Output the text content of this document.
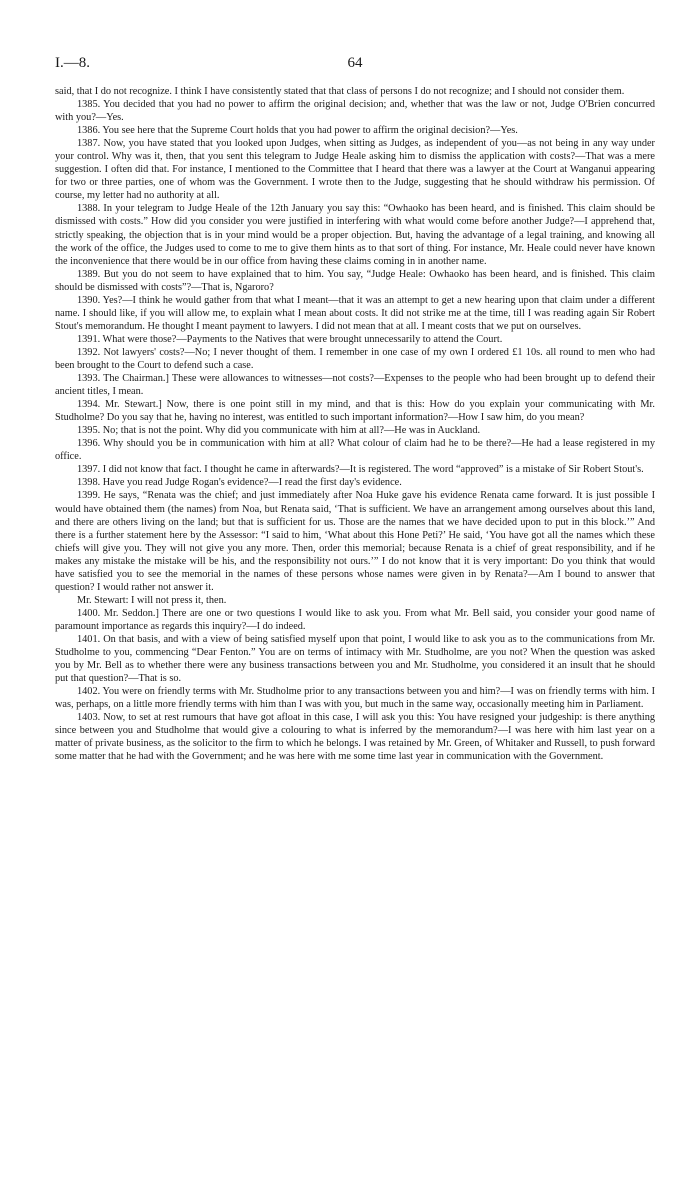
I.—8.	64

said, that I do not recognize. I think I have consistently stated that that class of persons I do not recognize; and I should not consider them.

1385. You decided that you had no power to affirm the original decision; and, whether that was the law or not, Judge O'Brien concurred with you?—Yes.

1386. You see here that the Supreme Court holds that you had power to affirm the original decision?—Yes.

1387. Now, you have stated that you looked upon Judges, when sitting as Judges, as independent of you—as not being in any way under your control. Why was it, then, that you sent this telegram to Judge Heale asking him to dismiss the application with costs?—That was a mere suggestion. I often did that. For instance, I mentioned to the Committee that I heard that there was a lawyer at the Court at Wanganui appearing for two or three parties, one of whom was the Government. I wrote then to the Judge, suggesting that he should withdraw his permission. Of course, my letter had no authority at all.

1388. In your telegram to Judge Heale of the 12th January you say this: “Owhaoko has been heard, and is finished. This claim should be dismissed with costs.” How did you consider you were justified in interfering with what would come before another Judge?—I apprehend that, strictly speaking, the objection that is in your mind would be a proper objection. But, having the advantage of a legal training, and knowing all the work of the office, the Judges used to come to me to give them hints as to that sort of thing. For instance, Mr. Heale could never have known the inconvenience that there would be in our office from having these claims coming in in another name.

1389. But you do not seem to have explained that to him. You say, “Judge Heale: Owhaoko has been heard, and is finished. This claim should be dismissed with costs”?—That is, Ngaroro?

1390. Yes?—I think he would gather from that what I meant—that it was an attempt to get a new hearing upon that claim under a different name. I should like, if you will allow me, to explain what I mean about costs. It did not strike me at the time, till I was reading again Sir Robert Stout's memorandum. He thought I meant payment to lawyers. I did not mean that at all. I meant costs that we put on ourselves.

1391. What were those?—Payments to the Natives that were brought unnecessarily to attend the Court.

1392. Not lawyers' costs?—No; I never thought of them. I remember in one case of my own I ordered £1 10s. all round to men who had been brought to the Court to defend such a case.

1393. The Chairman.] These were allowances to witnesses—not costs?—Expenses to the people who had been brought up to defend their ancient titles, I mean.

1394. Mr. Stewart.] Now, there is one point still in my mind, and that is this: How do you explain your communicating with Mr. Studholme? Do you say that he, having no interest, was entitled to such important information?—How I saw him, do you mean?

1395. No; that is not the point. Why did you communicate with him at all?—He was in Auckland.

1396. Why should you be in communication with him at all? What colour of claim had he to be there?—He had a lease registered in my office.

1397. I did not know that fact. I thought he came in afterwards?—It is registered. The word “approved” is a mistake of Sir Robert Stout's.

1398. Have you read Judge Rogan's evidence?—I read the first day's evidence.

1399. He says, “Renata was the chief; and just immediately after Noa Huke gave his evidence Renata came forward. It is just possible I would have obtained them (the names) from Noa, but Renata said, ‘That is sufficient. We have an arrangement among ourselves about this land, and there are others living on the land; but that is sufficient for us. Those are the names that we have decided upon to put in this block.’” And there is a further statement here by the Assessor: “I said to him, ‘What about this Hone Peti?’ He said, ‘You have got all the names which these chiefs will give you. They will not give you any more. Then, order this memorial; because Renata is a chief of great responsibility, and if he makes any mistake the mistake will be his, and the responsibility not ours.’” I do not know that it is very important: Do you think that would have satisfied you to see the memorial in the names of these persons whose names were given in by Renata?—Am I bound to answer that question? I would rather not answer it.

Mr. Stewart: I will not press it, then.

1400. Mr. Seddon.] There are one or two questions I would like to ask you. From what Mr. Bell said, you consider your good name of paramount importance as regards this inquiry?—I do indeed.

1401. On that basis, and with a view of being satisfied myself upon that point, I would like to ask you as to the communications from Mr. Studholme to you, commencing “Dear Fenton.” You are on terms of intimacy with Mr. Studholme, are you not? When the question was asked you by Mr. Bell as to whether there were any business transactions between you and Mr. Studholme, you considered it an insult that he should put that question?—That is so.

1402. You were on friendly terms with Mr. Studholme prior to any transactions between you and him?—I was on friendly terms with him. I was, perhaps, on a little more friendly terms with him than I was with you, but much in the same way, occasionally meeting him in Parliament.

1403. Now, to set at rest rumours that have got afloat in this case, I will ask you this: You have resigned your judgeship: is there anything since between you and Studholme that would give a colouring to what is inferred by the memorandum?—I was here with him last year on a matter of private business, as the solicitor to the firm to which he belongs. I was retained by Mr. Green, of Whitaker and Russell, to push forward some matter that he had with the Government; and he was here with me some time last year in communication with the Government.
